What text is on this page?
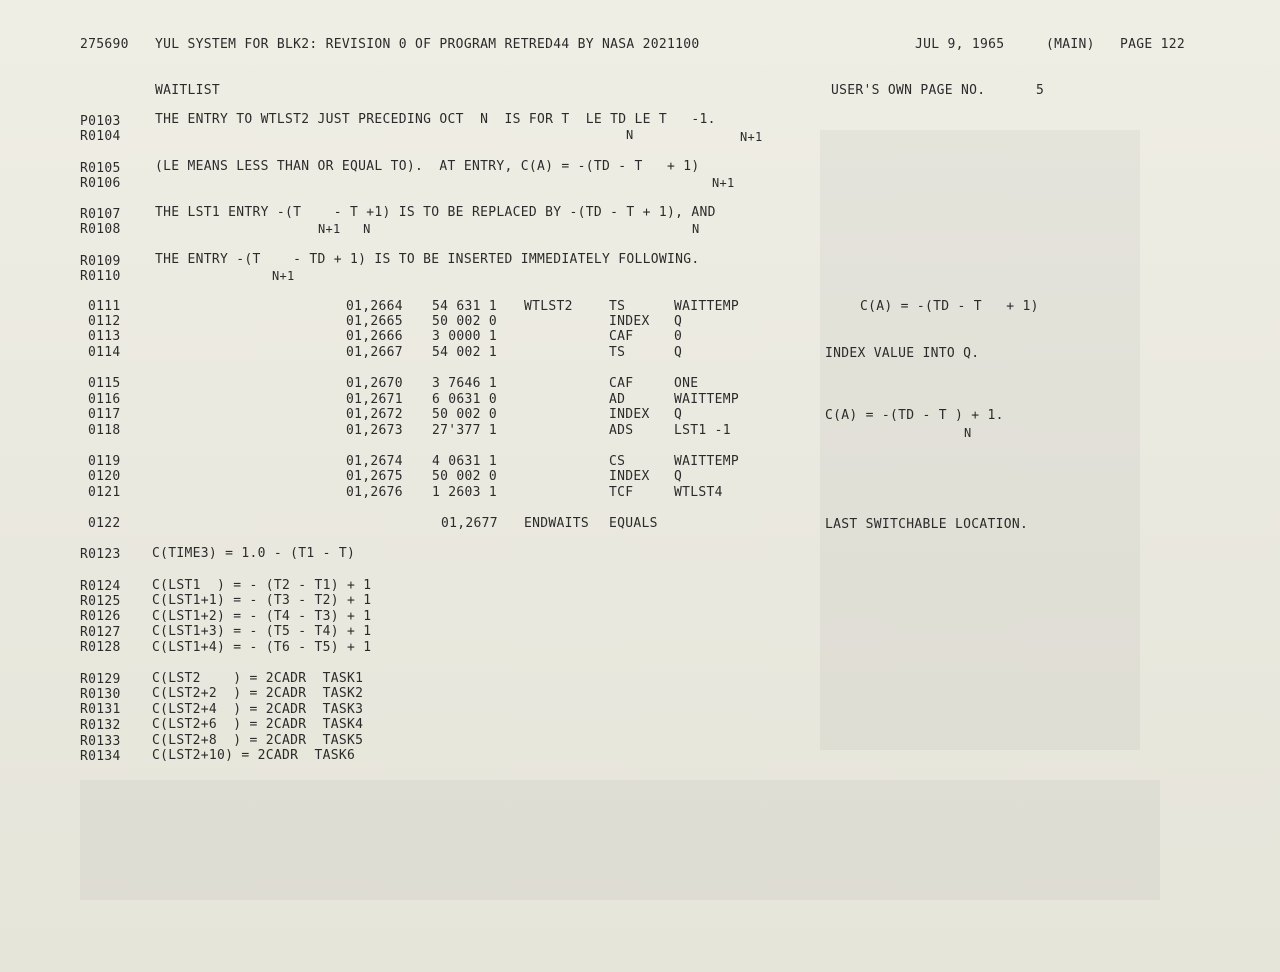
275690 YUL SYSTEM FOR BLK2: REVISION 0 OF PROGRAM RETRED44 BY NASA 2021100	JUL 9, 1965	(MAIN) PAGE 122
WAITLIST	USER'S OWN PAGE NO.	5
P0103	THE ENTRY TO WTLST2 JUST PRECEDING OCT  N  IS FOR T  LE TD LE T   -1.
R0104	N	N+1
R0105	(LE MEANS LESS THAN OR EQUAL TO).  AT ENTRY, C(A) = -(TD - T   + 1)
R0106	N+1
R0107	THE LST1 ENTRY -(T    - T +1) IS TO BE REPLACED BY -(TD - T + 1), AND
R0108	N+1   N	N
R0109	THE ENTRY -(T    - TD + 1) IS TO BE INSERTED IMMEDIATELY FOLLOWING.
R0110	N+1
0111	01,2664 54 631 1 WTLST2	TS	WAITTEMP	C(A) = -(TD - T   + 1)
0112	01,2665 50 002 0	INDEX Q
0113	01,2666 3 0000 1	CAF	0
0114	01,2667 54 002 1	TS	Q	INDEX VALUE INTO Q.
0115	01,2670 3 7646 1	CAF	ONE
0116	01,2671 6 0631 0	AD	WAITTEMP
0117	01,2672 50 002 0	INDEX Q	C(A) = -(TD - T ) + 1.
0118	01,2673 27'377 1	ADS	LST1 -1	N
0119	01,2674 4 0631 1	CS	WAITTEMP
0120	01,2675 50 002 0	INDEX Q
0121	01,2676 1 2603 1	TCF	WTLST4
0122	01,2677 ENDWAITS EQUALS	LAST SWITCHABLE LOCATION.
R0123 C(TIME3) = 1.0 - (T1 - T)
R0124 C(LST1  ) = - (T2 - T1) + 1
R0125 C(LST1+1) = - (T3 - T2) + 1
R0126 C(LST1+2) = - (T4 - T3) + 1
R0127 C(LST1+3) = - (T5 - T4) + 1
R0128 C(LST1+4) = - (T6 - T5) + 1
R0129 C(LST2    ) = 2CADR  TASK1
R0130 C(LST2+2  ) = 2CADR  TASK2
R0131 C(LST2+4  ) = 2CADR  TASK3
R0132 C(LST2+6  ) = 2CADR  TASK4
R0133 C(LST2+8  ) = 2CADR  TASK5
R0134 C(LST2+10) = 2CADR  TASK6
